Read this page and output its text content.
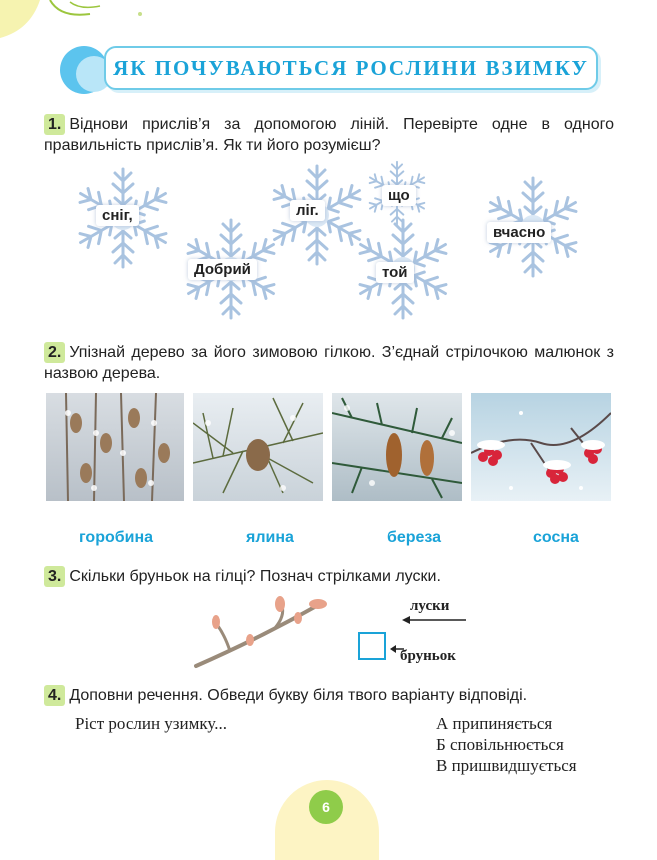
ЯК ПОЧУВАЮТЬСЯ РОСЛИНИ ВЗИМКУ
1. Віднови прислів’я за допомогою ліній. Перевірте одне в одного правильність прислів’я. Як ти його розумієш?
сніг,
Добрий
ліг.
що
той
вчасно
2. Упізнай дерево за його зимовою гілкою. З’єднай стрілочкою малюнок з назвою дерева.
горобина	ялина	береза	сосна
3. Скільки бруньок на гілці? Познач стрілками луски.
луски
бруньок
4. Доповни речення. Обведи букву біля твого варіанту відповіді.
Ріст рослин узимку...	А припиняється
Б сповільнюється
В пришвидшується
6
